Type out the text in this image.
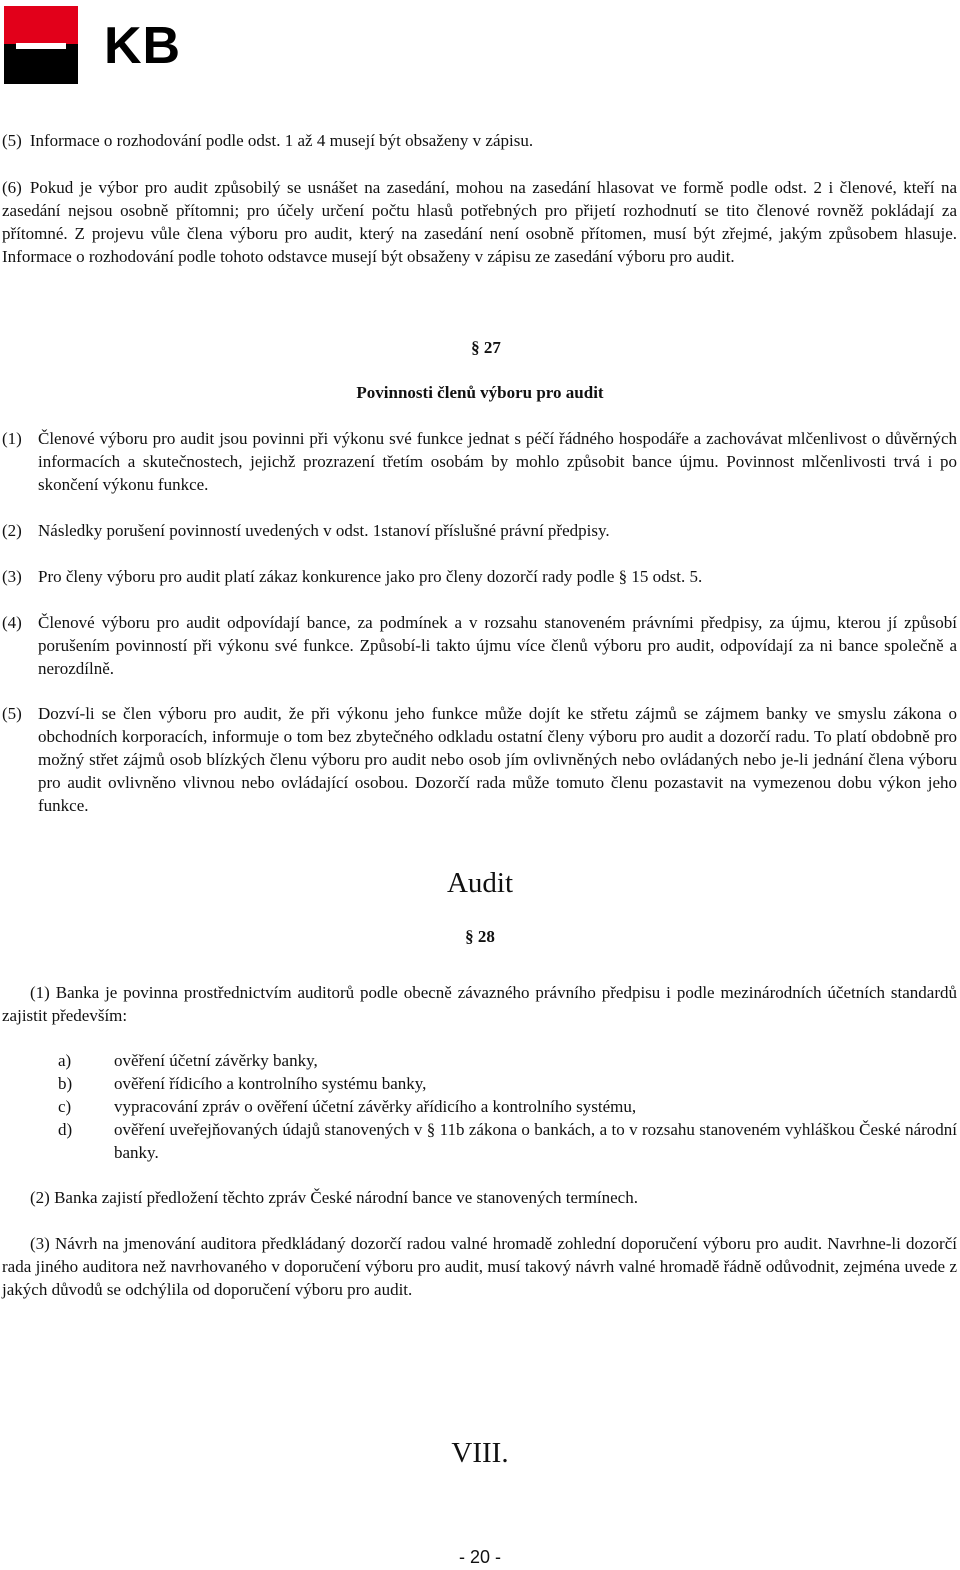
KB
(5) Informace o rozhodování podle odst. 1 až 4 musejí být obsaženy v zápisu.
(6) Pokud je výbor pro audit způsobilý se usnášet na zasedání, mohou na zasedání hlasovat ve formě podle odst. 2 i členové, kteří na zasedání nejsou osobně přítomni; pro účely určení počtu hlasů potřebných pro přijetí rozhodnutí se tito členové rovněž pokládají za přítomné. Z projevu vůle člena výboru pro audit, který na zasedání není osobně přítomen, musí být zřejmé, jakým způsobem hlasuje. Informace o rozhodování podle tohoto odstavce musejí být obsaženy v zápisu ze zasedání výboru pro audit.
§ 27
Povinnosti členů výboru pro audit
(1) Členové výboru pro audit jsou povinni při výkonu své funkce jednat s péčí řádného hospodáře a zachovávat mlčenlivost o důvěrných informacích a skutečnostech, jejichž prozrazení třetím osobám by mohlo způsobit bance újmu. Povinnost mlčenlivosti trvá i po skončení výkonu funkce.
(2) Následky porušení povinností uvedených v odst. 1stanoví příslušné právní předpisy.
(3) Pro členy výboru pro audit platí zákaz konkurence jako pro členy dozorčí rady podle § 15 odst. 5.
(4) Členové výboru pro audit odpovídají bance, za podmínek a v rozsahu stanoveném právními předpisy, za újmu, kterou jí způsobí porušením povinností při výkonu své funkce. Způsobí-li takto újmu více členů výboru pro audit, odpovídají za ni bance společně a nerozdílně.
(5) Dozví-li se člen výboru pro audit, že při výkonu jeho funkce může dojít ke střetu zájmů se zájmem banky ve smyslu zákona o obchodních korporacích, informuje o tom bez zbytečného odkladu ostatní členy výboru pro audit a dozorčí radu. To platí obdobně pro možný střet zájmů osob blízkých členu výboru pro audit nebo osob jím ovlivněných nebo ovládaných nebo je-li jednání člena výboru pro audit ovlivněno vlivnou nebo ovládající osobou. Dozorčí rada může tomuto členu pozastavit na vymezenou dobu výkon jeho funkce.
Audit
§ 28
(1) Banka je povinna prostřednictvím auditorů podle obecně závazného právního předpisu i podle mezinárodních účetních standardů zajistit především:
a)	ověření účetní závěrky banky,
b)	ověření řídicího a kontrolního systému banky,
c)	vypracování zpráv o ověření účetní závěrky ařídicího a kontrolního systému,
d)	ověření uveřejňovaných údajů stanovených v § 11b zákona o bankách, a to v rozsahu stanoveném vyhláškou České národní banky.
(2) Banka zajistí předložení těchto zpráv České národní bance ve stanovených termínech.
(3) Návrh na jmenování auditora předkládaný dozorčí radou valné hromadě zohlední doporučení výboru pro audit. Navrhne-li dozorčí rada jiného auditora než navrhovaného v doporučení výboru pro audit, musí takový návrh valné hromadě řádně odůvodnit, zejména uvede z jakých důvodů se odchýlila od doporučení výboru pro audit.
VIII.
- 20 -
